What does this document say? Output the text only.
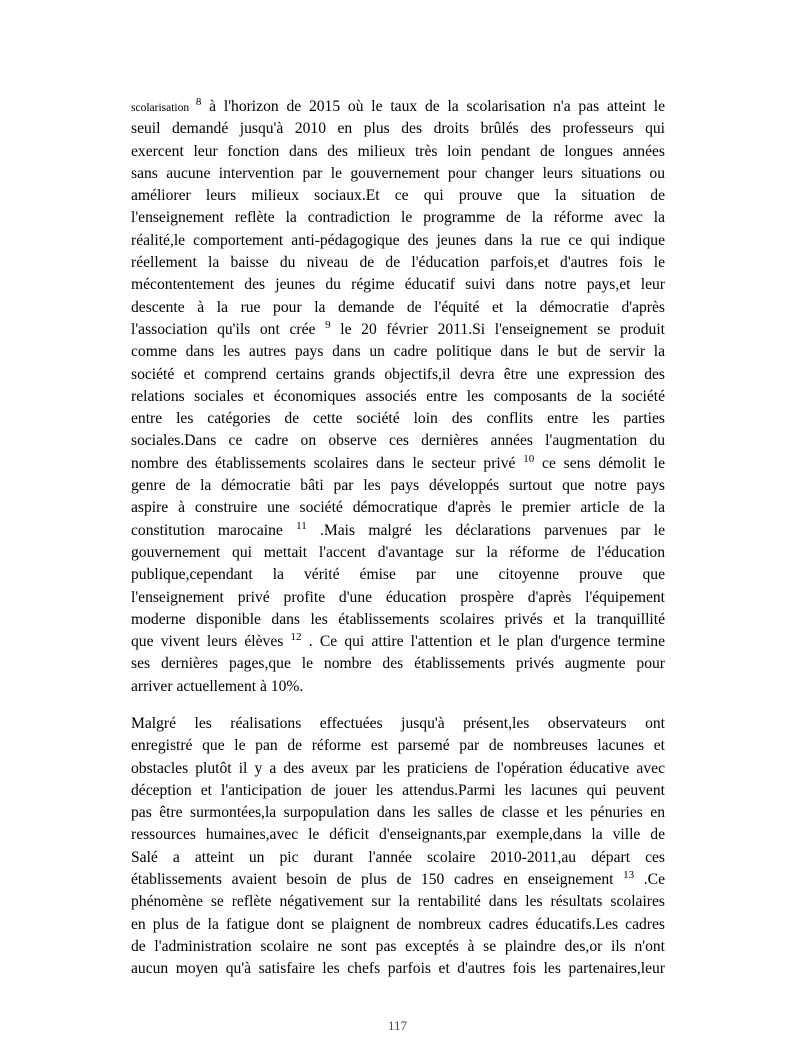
scolarisation $^8$ à l'horizon de 2015 où le taux de la scolarisation n'a pas atteint le
seuil demandé jusqu'à 2010 en plus des droits brûlés des professeurs qui
exercent leur fonction dans des milieux très loin pendant de longues années
sans aucune intervention par le gouvernement pour changer leurs situations ou
améliorer leurs milieux sociaux.Et ce qui prouve que la situation de
l'enseignement reflète la contradiction le programme de la réforme avec la
réalité,le comportement anti-pédagogique des jeunes dans la rue ce qui indique
réellement la baisse du niveau de de l'éducation parfois,et d'autres fois le
mécontentement des jeunes du régime éducatif suivi dans notre pays,et leur
descente à la rue pour la demande de l'équité et la démocratie d'après
l'association qu'ils ont crée $^9$ le 20 février 2011.Si l'enseignement se produit
comme dans les autres pays dans un cadre politique dans le but de servir la
société et comprend certains grands objectifs,il devra être une expression des
relations sociales et économiques associés entre les composants de la société
entre les catégories de cette société loin des conflits entre les parties
sociales.Dans ce cadre on observe ces dernières années l'augmentation du
nombre des établissements scolaires dans le secteur privé $^{10}$ ce sens démolit le
genre de la démocratie bâti par les pays développés surtout que notre pays
aspire à construire une société démocratique d'après le premier article de la
constitution marocaine $^{11}$ .Mais malgré les déclarations parvenues par le
gouvernement qui mettait l'accent d'avantage sur la réforme de l'éducation
publique,cependant la vérité émise par une citoyenne prouve que
l'enseignement privé profite d'une éducation prospère d'après l'équipement
moderne disponible dans les établissements scolaires privés et la tranquillité
que vivent leurs élèves $^{12}$ . Ce qui attire l'attention et le plan d'urgence termine
ses dernières pages,que le nombre des établissements privés augmente pour
arriver actuellement à 10%.
Malgré les réalisations effectuées jusqu'à présent,les observateurs ont
enregistré que le pan de réforme est parsemé par de nombreuses lacunes et
obstacles plutôt il y a des aveux par les praticiens de l'opération éducative avec
déception et l'anticipation de jouer les attendus.Parmi les lacunes qui peuvent
pas être surmontées,la surpopulation dans les salles de classe et les pénuries en
ressources humaines,avec le déficit d'enseignants,par exemple,dans la ville de
Salé a atteint un pic durant l'année scolaire 2010-2011,au départ ces
établissements avaient besoin de plus de 150 cadres en enseignement $^{13}$ .Ce
phénomène se reflète négativement sur la rentabilité dans les résultats scolaires
en plus de la fatigue dont se plaignent de nombreux cadres éducatifs.Les cadres
de l'administration scolaire ne sont pas exceptés à se plaindre des,or ils n'ont
aucun moyen qu'à satisfaire les chefs parfois et d'autres fois les partenaires,leur
117
